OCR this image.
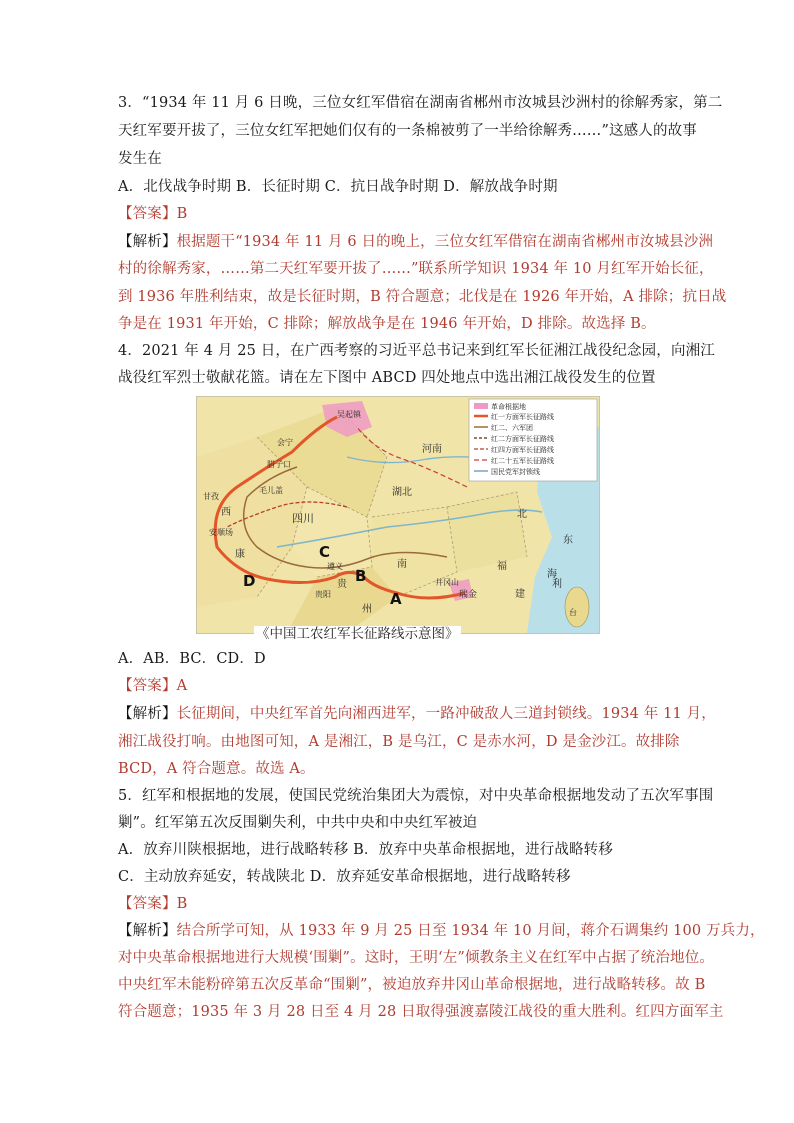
3．“1934 年 11 月 6 日晚，三位女红军借宿在湖南省郴州市汝城县沙洲村的徐解秀家，第二
天红军要开拔了，三位女红军把她们仅有的一条棉被剪了一半给徐解秀……”这感人的故事
发生在
A．北伐战争时期 B．长征时期 C．抗日战争时期 D．解放战争时期
【答案】B
【解析】根据题干“1934 年 11 月 6 日的晚上，三位女红军借宿在湖南省郴州市汝城县沙洲
村的徐解秀家，……第二天红军要开拔了……”联系所学知识 1934 年 10 月红军开始长征，
到 1936 年胜利结束，故是长征时期，B 符合题意；北伐是在 1926 年开始，A 排除；抗日战
争是在 1931 年开始，C 排除；解放战争是在 1946 年开始，D 排除。故选择 B。
4．2021 年 4 月 25 日，在广西考察的习近平总书记来到红军长征湘江战役纪念园，向湘江
战役红军烈士敬献花篮。请在左下图中 ABCD 四处地点中选出湘江战役发生的位置
吴起镇
会宁
腊子口
甘孜
毛儿盖
安顺场
遵义
贵阳
井冈山
瑞金
西
康
四川
湖北
河南
东
海
福
建
南
贵
州	台
北
利
革命根据地
红一方面军长征路线
红二、六军团
红二方面军长征路线
红四方面军长征路线
红二十五军长征路线
国民党军封锁线
A
B
C
D
《中国工农红军长征路线示意图》
A．AB．BC．CD．D
【答案】A
【解析】长征期间，中央红军首先向湘西进军，一路冲破敌人三道封锁线。1934 年 11 月，
湘江战役打响。由地图可知，A 是湘江，B 是乌江，C 是赤水河，D 是金沙江。故排除
BCD，A 符合题意。故选 A。
5．红军和根据地的发展，使国民党统治集团大为震惊，对中央革命根据地发动了五次军事围
剿”。红军第五次反围剿失利，中共中央和中央红军被迫
A．放弃川陕根据地，进行战略转移 B．放弃中央革命根据地，进行战略转移
C．主动放弃延安，转战陕北 D．放弃延安革命根据地，进行战略转移
【答案】B
【解析】结合所学可知，从 1933 年 9 月 25 日至 1934 年 10 月间，蒋介石调集约 100 万兵力，
对中央革命根据地进行大规模‘围剿”。这时，王明‘左”倾教条主义在红军中占据了统治地位。
中央红军未能粉碎第五次反革命“围剿”，被迫放弃井冈山革命根据地，进行战略转移。故 B
符合题意；1935 年 3 月 28 日至 4 月 28 日取得强渡嘉陵江战役的重大胜利。红四方面军主
